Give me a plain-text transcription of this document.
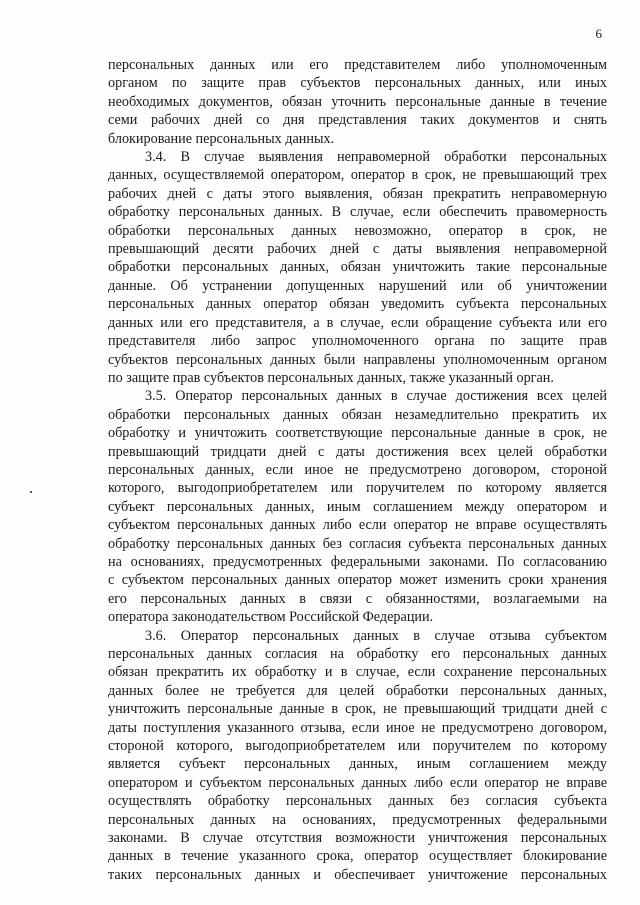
6
персональных данных или его представителем либо уполномоченным
органом по защите прав субъектов персональных данных, или иных
необходимых документов, обязан уточнить персональные данные в течение
семи рабочих дней со дня представления таких документов и снять
блокирование персональных данных.
3.4. В случае выявления неправомерной обработки персональных
данных, осуществляемой оператором, оператор в срок, не превышающий трех
рабочих дней с даты этого выявления, обязан прекратить неправомерную
обработку персональных данных. В случае, если обеспечить правомерность
обработки персональных данных невозможно, оператор в срок, не
превышающий десяти рабочих дней с даты выявления неправомерной
обработки персональных данных, обязан уничтожить такие персональные
данные. Об устранении допущенных нарушений или об уничтожении
персональных данных оператор обязан уведомить субъекта персональных
данных или его представителя, а в случае, если обращение субъекта или его
представителя либо запрос уполномоченного органа по защите прав
субъектов персональных данных были направлены уполномоченным органом
по защите прав субъектов персональных данных, также указанный орган.
3.5. Оператор персональных данных в случае достижения всех целей
обработки персональных данных обязан незамедлительно прекратить их
обработку и уничтожить соответствующие персональные данные в срок, не
превышающий тридцати дней с даты достижения всех целей обработки
персональных данных, если иное не предусмотрено договором, стороной
которого, выгодоприобретателем или поручителем по которому является
субъект персональных данных, иным соглашением между оператором и
субъектом персональных данных либо если оператор не вправе осуществлять
обработку персональных данных без согласия субъекта персональных данных
на основаниях, предусмотренных федеральными законами. По согласованию
с субъектом персональных данных оператор может изменить сроки хранения
его персональных данных в связи с обязанностями, возлагаемыми на
оператора законодательством Российской Федерации.
3.6. Оператор персональных данных в случае отзыва субъектом
персональных данных согласия на обработку его персональных данных
обязан прекратить их обработку и в случае, если сохранение персональных
данных более не требуется для целей обработки персональных данных,
уничтожить персональные данные в срок, не превышающий тридцати дней с
даты поступления указанного отзыва, если иное не предусмотрено договором,
стороной которого, выгодоприобретателем или поручителем по которому
является субъект персональных данных, иным соглашением между
оператором и субъектом персональных данных либо если оператор не вправе
осуществлять обработку персональных данных без согласия субъекта
персональных данных на основаниях, предусмотренных федеральными
законами. В случае отсутствия возможности уничтожения персональных
данных в течение указанного срока, оператор осуществляет блокирование
таких персональных данных и обеспечивает уничтожение персональных
